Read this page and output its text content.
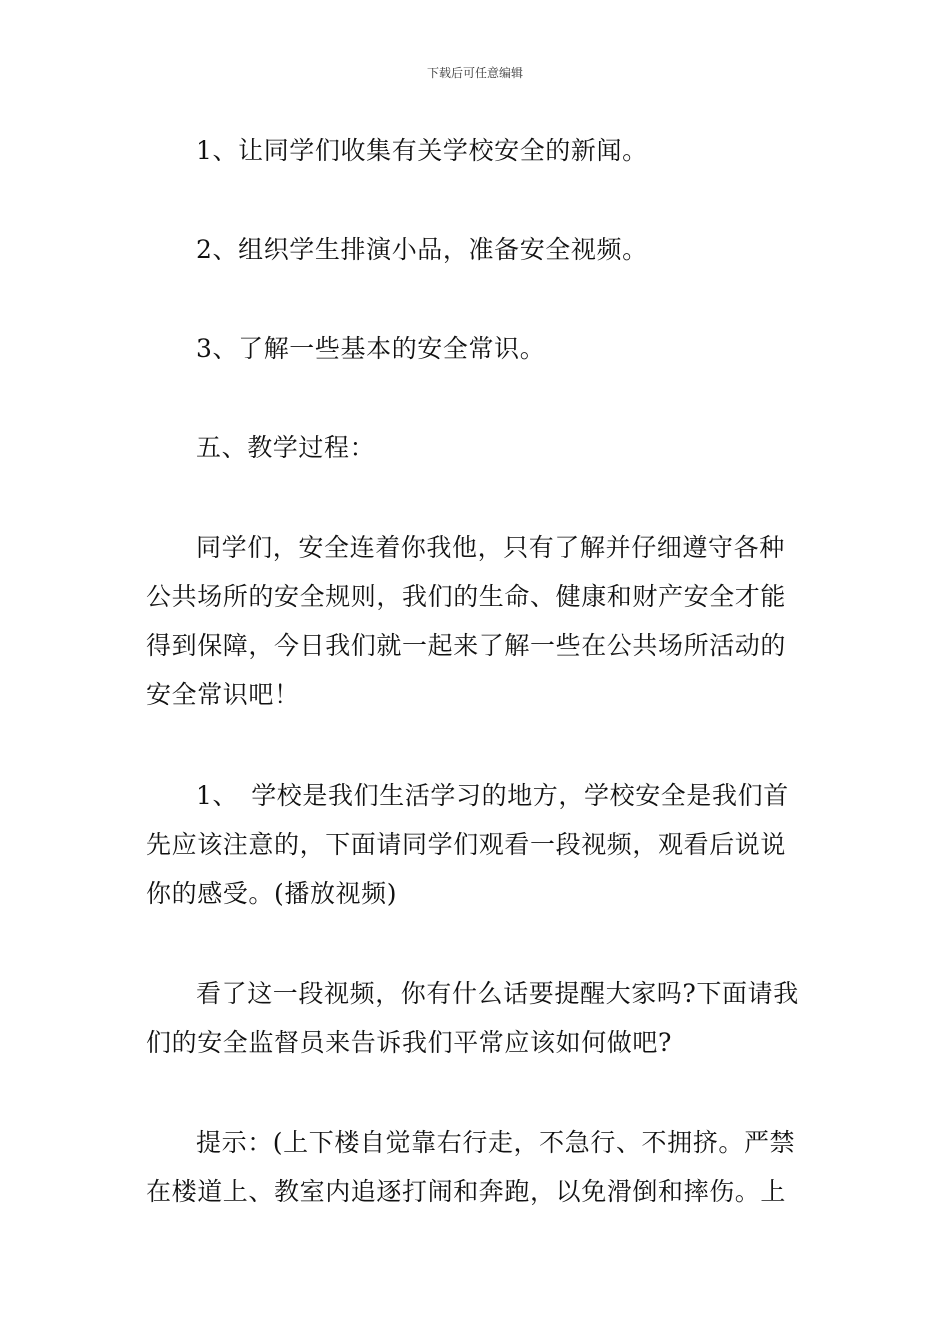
下载后可任意编辑

1、让同学们收集有关学校安全的新闻。

2、组织学生排演小品，准备安全视频。

3、了解一些基本的安全常识。

五、教学过程：

同学们，安全连着你我他，只有了解并仔细遵守各种公共场所的安全规则，我们的生命、健康和财产安全才能得到保障，今日我们就一起来了解一些在公共场所活动的安全常识吧！

1、　学校是我们生活学习的地方，学校安全是我们首先应该注意的，下面请同学们观看一段视频，观看后说说你的感受。(播放视频)

看了这一段视频，你有什么话要提醒大家吗?下面请我们的安全监督员来告诉我们平常应该如何做吧?

提示：(上下楼自觉靠右行走，不急行、不拥挤。严禁在楼道上、教室内追逐打闹和奔跑，以免滑倒和摔伤。上
